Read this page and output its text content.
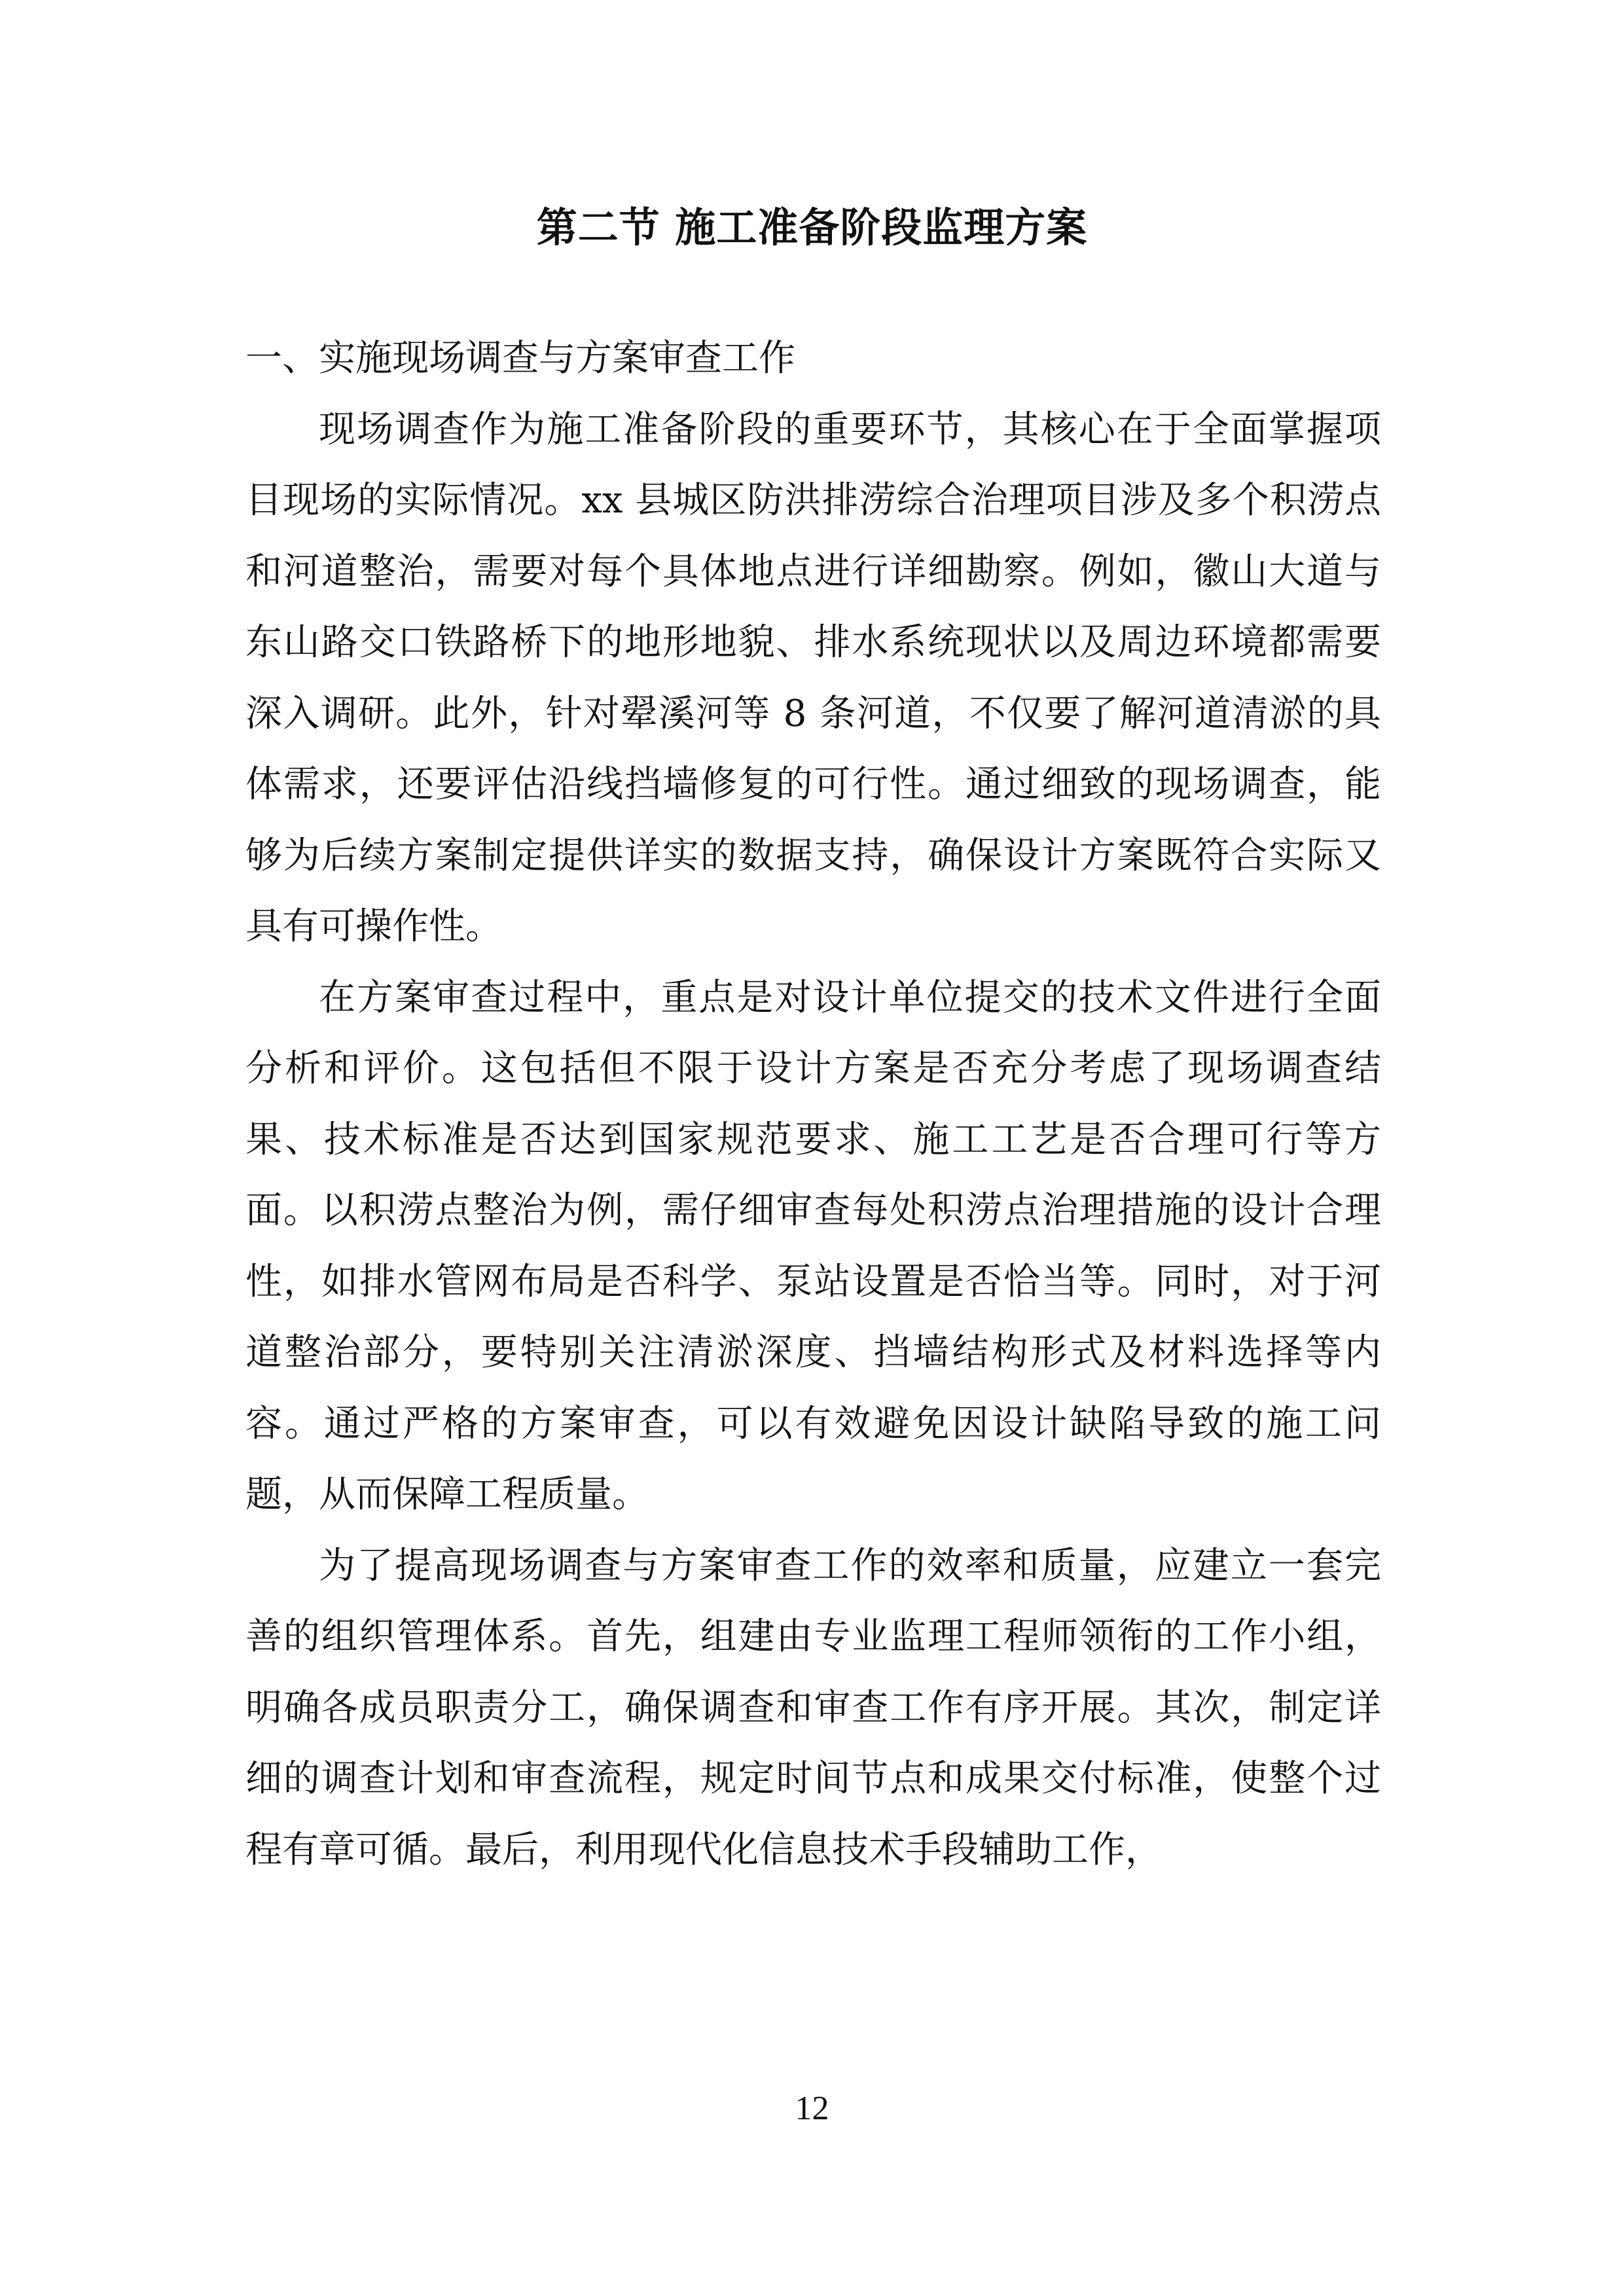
第二节 施工准备阶段监理方案

一、实施现场调查与方案审查工作

现场调查作为施工准备阶段的重要环节，其核心在于全面掌握项目现场的实际情况。xx 县城区防洪排涝综合治理项目涉及多个积涝点和河道整治，需要对每个具体地点进行详细勘察。例如，徽山大道与东山路交口铁路桥下的地形地貌、排水系统现状以及周边环境都需要深入调研。此外，针对翚溪河等 8 条河道，不仅要了解河道清淤的具体需求，还要评估沿线挡墙修复的可行性。通过细致的现场调查，能够为后续方案制定提供详实的数据支持，确保设计方案既符合实际又具有可操作性。

在方案审查过程中，重点是对设计单位提交的技术文件进行全面分析和评价。这包括但不限于设计方案是否充分考虑了现场调查结果、技术标准是否达到国家规范要求、施工工艺是否合理可行等方面。以积涝点整治为例，需仔细审查每处积涝点治理措施的设计合理性，如排水管网布局是否科学、泵站设置是否恰当等。同时，对于河道整治部分，要特别关注清淤深度、挡墙结构形式及材料选择等内容。通过严格的方案审查，可以有效避免因设计缺陷导致的施工问题，从而保障工程质量。

为了提高现场调查与方案审查工作的效率和质量，应建立一套完善的组织管理体系。首先，组建由专业监理工程师领衔的工作小组，明确各成员职责分工，确保调查和审查工作有序开展。其次，制定详细的调查计划和审查流程，规定时间节点和成果交付标准，使整个过程有章可循。最后，利用现代化信息技术手段辅助工作，

12
